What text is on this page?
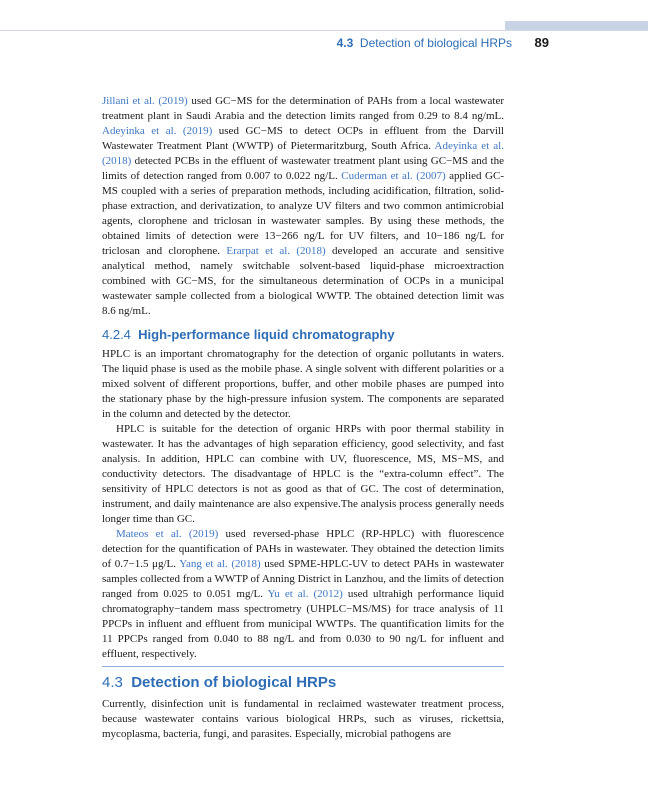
4.3 Detection of biological HRPs	89

Jillani et al. (2019) used GC−MS for the determination of PAHs from a local wastewater treatment plant in Saudi Arabia and the detection limits ranged from 0.29 to 8.4 ng/mL. Adeyinka et al. (2019) used GC−MS to detect OCPs in effluent from the Darvill Wastewater Treatment Plant (WWTP) of Pietermaritzburg, South Africa. Adeyinka et al. (2018) detected PCBs in the effluent of wastewater treatment plant using GC−MS and the limits of detection ranged from 0.007 to 0.022 ng/L. Cuderman et al. (2007) applied GC-MS coupled with a series of preparation methods, including acidification, filtration, solid-phase extraction, and derivatization, to analyze UV filters and two common antimicrobial agents, clorophene and triclosan in wastewater samples. By using these methods, the obtained limits of detection were 13−266 ng/L for UV filters, and 10−186 ng/L for triclosan and clorophene. Erarpat et al. (2018) developed an accurate and sensitive analytical method, namely switchable solvent-based liquid-phase microextraction combined with GC−MS, for the simultaneous determination of OCPs in a municipal wastewater sample collected from a biological WWTP. The obtained detection limit was 8.6 ng/mL.

4.2.4 High-performance liquid chromatography

HPLC is an important chromatography for the detection of organic pollutants in waters. The liquid phase is used as the mobile phase. A single solvent with different polarities or a mixed solvent of different proportions, buffer, and other mobile phases are pumped into the stationary phase by the high-pressure infusion system. The components are separated in the column and detected by the detector.

HPLC is suitable for the detection of organic HRPs with poor thermal stability in wastewater. It has the advantages of high separation efficiency, good selectivity, and fast analysis. In addition, HPLC can combine with UV, fluorescence, MS, MS−MS, and conductivity detectors. The disadvantage of HPLC is the “extra-column effect”. The sensitivity of HPLC detectors is not as good as that of GC. The cost of determination, instrument, and daily maintenance are also expensive.The analysis process generally needs longer time than GC.

Mateos et al. (2019) used reversed-phase HPLC (RP-HPLC) with fluorescence detection for the quantification of PAHs in wastewater. They obtained the detection limits of 0.7−1.5 μg/L. Yang et al. (2018) used SPME-HPLC-UV to detect PAHs in wastewater samples collected from a WWTP of Anning District in Lanzhou, and the limits of detection ranged from 0.025 to 0.051 mg/L. Yu et al. (2012) used ultrahigh performance liquid chromatography−tandem mass spectrometry (UHPLC−MS/MS) for trace analysis of 11 PPCPs in influent and effluent from municipal WWTPs. The quantification limits for the 11 PPCPs ranged from 0.040 to 88 ng/L and from 0.030 to 90 ng/L for influent and effluent, respectively.

4.3 Detection of biological HRPs

Currently, disinfection unit is fundamental in reclaimed wastewater treatment process, because wastewater contains various biological HRPs, such as viruses, rickettsia, mycoplasma, bacteria, fungi, and parasites. Especially, microbial pathogens are
